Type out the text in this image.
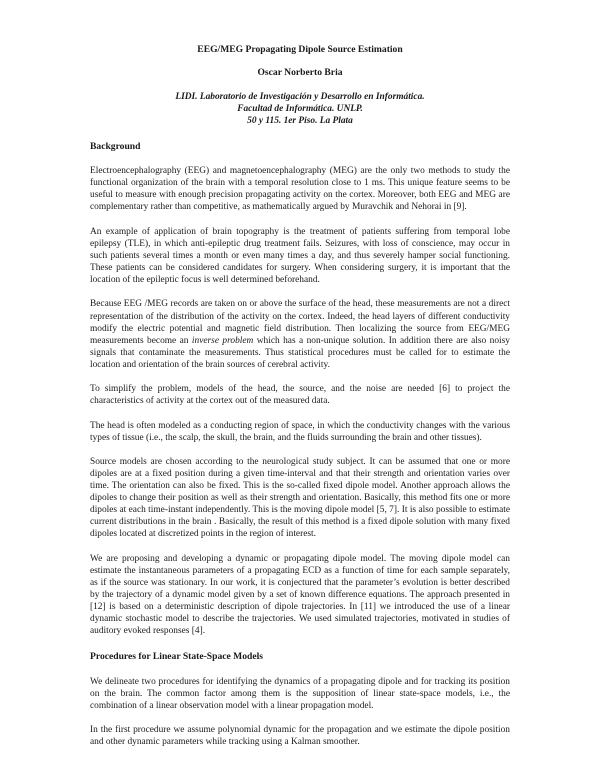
EEG/MEG Propagating Dipole Source Estimation
Oscar Norberto Bria
LIDI. Laboratorio de Investigación y Desarrollo en Informática.
Facultad de Informática. UNLP.
50 y 115. 1er Piso. La Plata
Background

Electroencephalography (EEG) and magnetoencephalography (MEG) are the only two methods to study the functional organization of the brain with a temporal resolution close to 1 ms. This unique feature seems to be useful to measure with enough precision propagating activity on the cortex. Moreover, both EEG and MEG are complementary rather than competitive, as mathematically argued by Muravchik and Nehorai in [9].

An example of application of brain topography is the treatment of patients suffering from temporal lobe epilepsy (TLE), in which anti-epileptic drug treatment fails. Seizures, with loss of conscience, may occur in such patients several times a month or even many times a day, and thus severely hamper social functioning. These patients can be considered candidates for surgery. When considering surgery, it is important that the location of the epileptic focus is well determined beforehand.

Because EEG /MEG records are taken on or above the surface of the head, these measurements are not a direct representation of the distribution of the activity on the cortex. Indeed, the head layers of different conductivity modify the electric potential and magnetic field distribution. Then localizing the source from EEG/MEG measurements become an inverse problem which has a non-unique solution. In addition there are also noisy signals that contaminate the measurements. Thus statistical procedures must be called for to estimate the location and orientation of the brain sources of cerebral activity.

To simplify the problem, models of the head, the source, and the noise are needed [6] to project the characteristics of activity at the cortex out of the measured data.

The head is often modeled as a conducting region of space, in which the conductivity changes with the various types of tissue (i.e., the scalp, the skull, the brain, and the fluids surrounding the brain and other tissues).

Source models are chosen according to the neurological study subject. It can be assumed that one or more dipoles are at a fixed position during a given time-interval and that their strength and orientation varies over time. The orientation can also be fixed. This is the so-called fixed dipole model. Another approach allows the dipoles to change their position as well as their strength and orientation. Basically, this method fits one or more dipoles at each time-instant independently. This is the moving dipole model [5, 7]. It is also possible to estimate current distributions in the brain . Basically, the result of this method is a fixed dipole solution with many fixed dipoles located at discretized points in the region of interest.

We are proposing and developing a dynamic or propagating dipole model. The moving dipole model can estimate the instantaneous parameters of a propagating ECD as a function of time for each sample separately, as if the source was stationary. In our work, it is conjectured that the parameter’s evolution is better described by the trajectory of a dynamic model given by a set of known difference equations. The approach presented in [12] is based on a deterministic description of dipole trajectories. In [11] we introduced the use of a linear dynamic stochastic model to describe the trajectories. We used simulated trajectories, motivated in studies of auditory evoked responses [4].

Procedures for Linear State-Space Models

We delineate two procedures for identifying the dynamics of a propagating dipole and for tracking its position on the brain. The common factor among them is the supposition of linear state-space models, i.e., the combination of a linear observation model with a linear propagation model.

In the first procedure we assume polynomial dynamic for the propagation and we estimate the dipole position and other dynamic parameters while tracking using a Kalman smoother.
